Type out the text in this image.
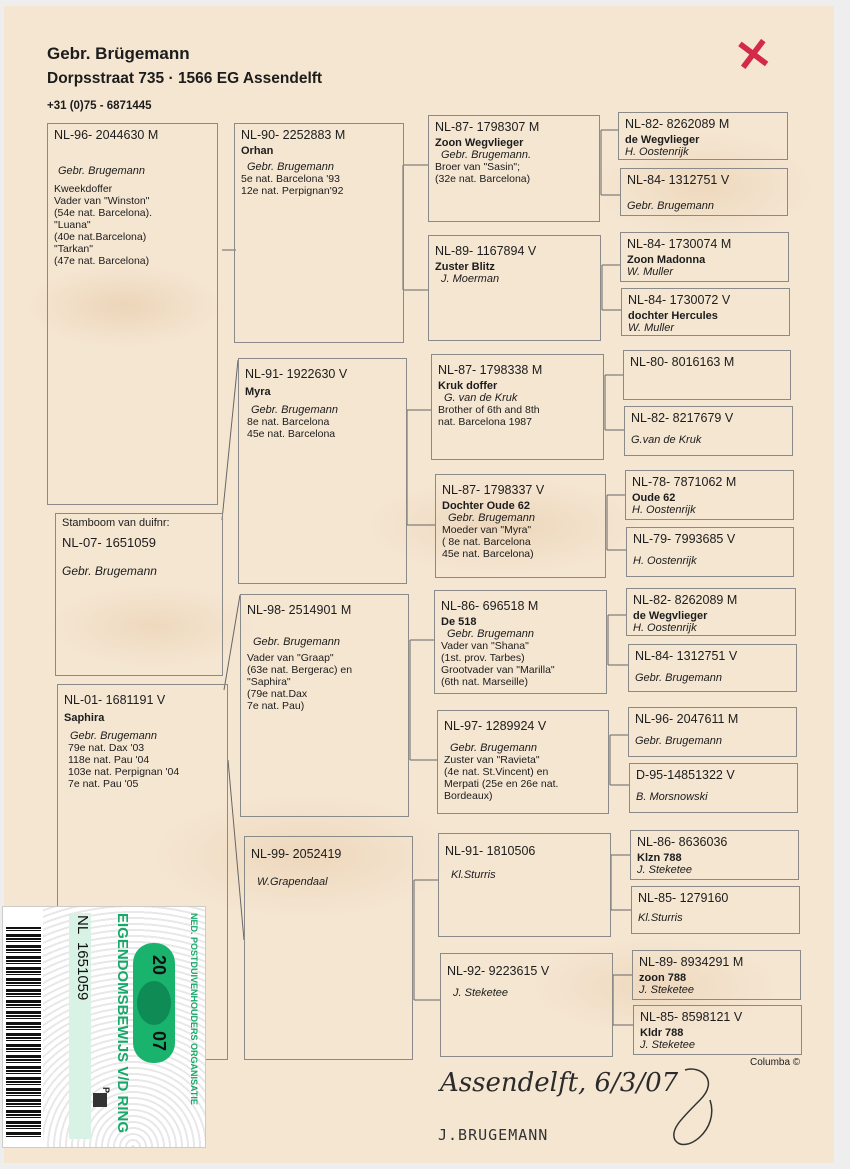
✕
Gebr. Brügemann
Dorpsstraat 735 · 1566 EG Assendelft
+31 (0)75 - 6871445
NL-96- 2044630 M
Gebr. Brugemann
Kweekdoffer
Vader van "Winston"
(54e nat. Barcelona).
"Luana"
(40e nat.Barcelona)
"Tarkan"
(47e nat. Barcelona)
Stamboom van duifnr:
NL-07- 1651059
Gebr. Brugemann
NL-01- 1681191 V
Saphira
Gebr. Brugemann
79e nat. Dax '03
118e nat. Pau '04
103e nat. Perpignan '04
7e nat. Pau '05
NL-90- 2252883 M
Orhan
Gebr. Brugemann
5e nat. Barcelona '93
12e nat. Perpignan'92
NL-91- 1922630 V
Myra
Gebr. Brugemann
8e nat. Barcelona
45e nat. Barcelona
NL-98- 2514901 M
Gebr. Brugemann
Vader van "Graap"
(63e nat. Bergerac) en
"Saphira"
(79e nat.Dax
7e nat. Pau)
NL-99- 2052419
W.Grapendaal
NL-87- 1798307 M
Zoon Wegvlieger
Gebr. Brugemann.
Broer van "Sasin";
(32e nat. Barcelona)
NL-89- 1167894 V
Zuster Blitz
J. Moerman
NL-87- 1798338 M
Kruk doffer
G. van de Kruk
Brother of 6th and 8th
nat. Barcelona 1987
NL-87- 1798337 V
Dochter Oude 62
Gebr. Brugemann
Moeder van "Myra"
( 8e nat. Barcelona
45e nat. Barcelona)
NL-86- 696518 M
De 518
Gebr. Brugemann
Vader van "Shana"
(1st. prov. Tarbes)
Grootvader van "Marilla"
(6th nat. Marseille)
NL-97- 1289924 V
Gebr. Brugemann
Zuster van "Ravieta"
(4e nat. St.Vincent) en
Merpati (25e en 26e nat.
Bordeaux)
NL-91- 1810506
Kl.Sturris
NL-92- 9223615 V
J. Steketee
NL-82- 8262089 M
de Wegvlieger
H. Oostenrijk
NL-84- 1312751 V
Gebr. Brugemann
NL-84- 1730074 M
Zoon Madonna
W. Muller
NL-84- 1730072 V
dochter Hercules
W. Muller
NL-80- 8016163 M
NL-82- 8217679 V
G.van de Kruk
NL-78- 7871062 M
Oude 62
H. Oostenrijk
NL-79- 7993685 V
H. Oostenrijk
NL-82- 8262089 M
de Wegvlieger
H. Oostenrijk
NL-84- 1312751 V
Gebr. Brugemann
NL-96- 2047611 M
Gebr. Brugemann
D-95-14851322 V
B. Morsnowski
NL-86- 8636036
Klzn 788
J. Steketee
NL-85- 1279160
Kl.Sturris
NL-89- 8934291 M
zoon 788
J. Steketee
NL-85- 8598121 V
Kldr 788
J. Steketee
Columba ©
Assendelft, 6/3/07
J.BRUGEMANN
NL  1651059 EIGENDOMSBEWIJS V/D RING	NED. POSTDUIVENHOUDERS ORGANISATIE
20
07
P
